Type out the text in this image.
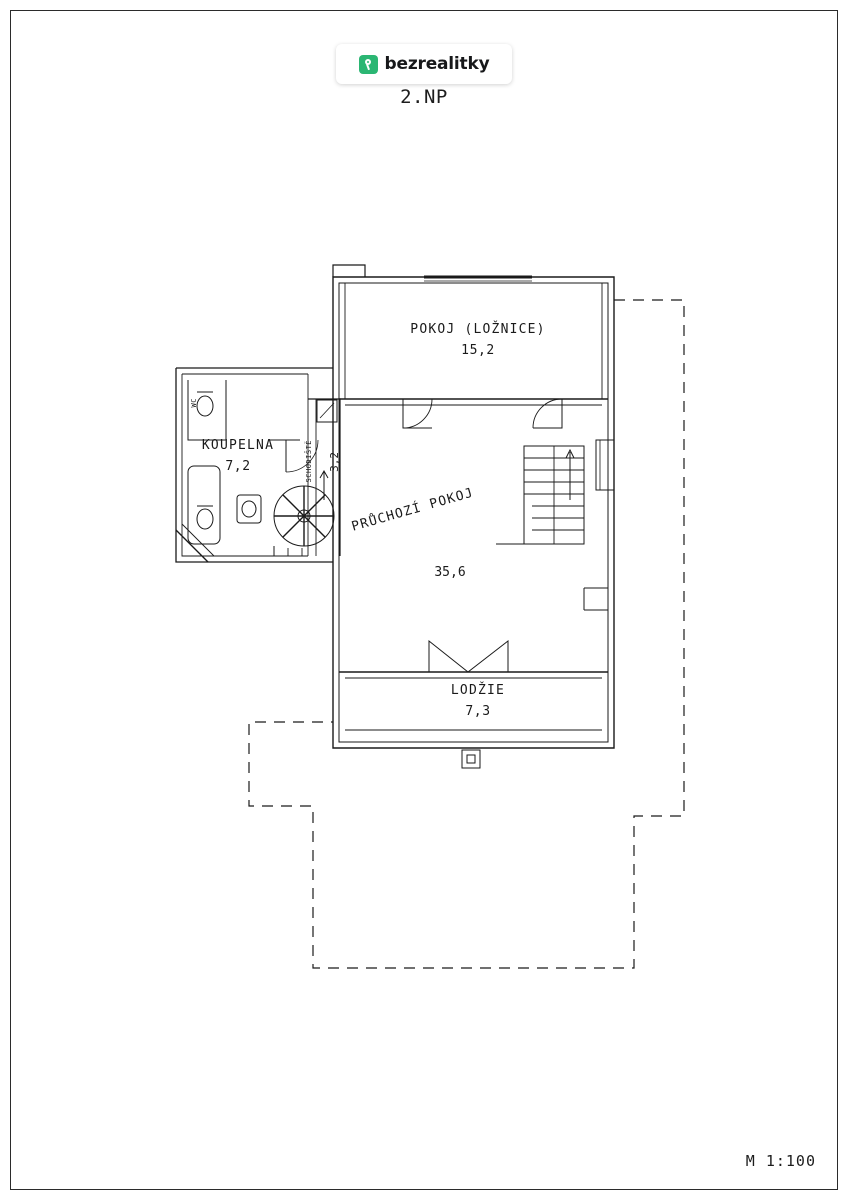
bezrealitky
2.NP
POKOJ (LOŽNICE)
15,2
KOUPELNA
7,2
PRŮCHOZÍ POKOJ
35,6
LODŽIE
7,3
SCHODIŠTĚ	3,2
WC
M 1:100
